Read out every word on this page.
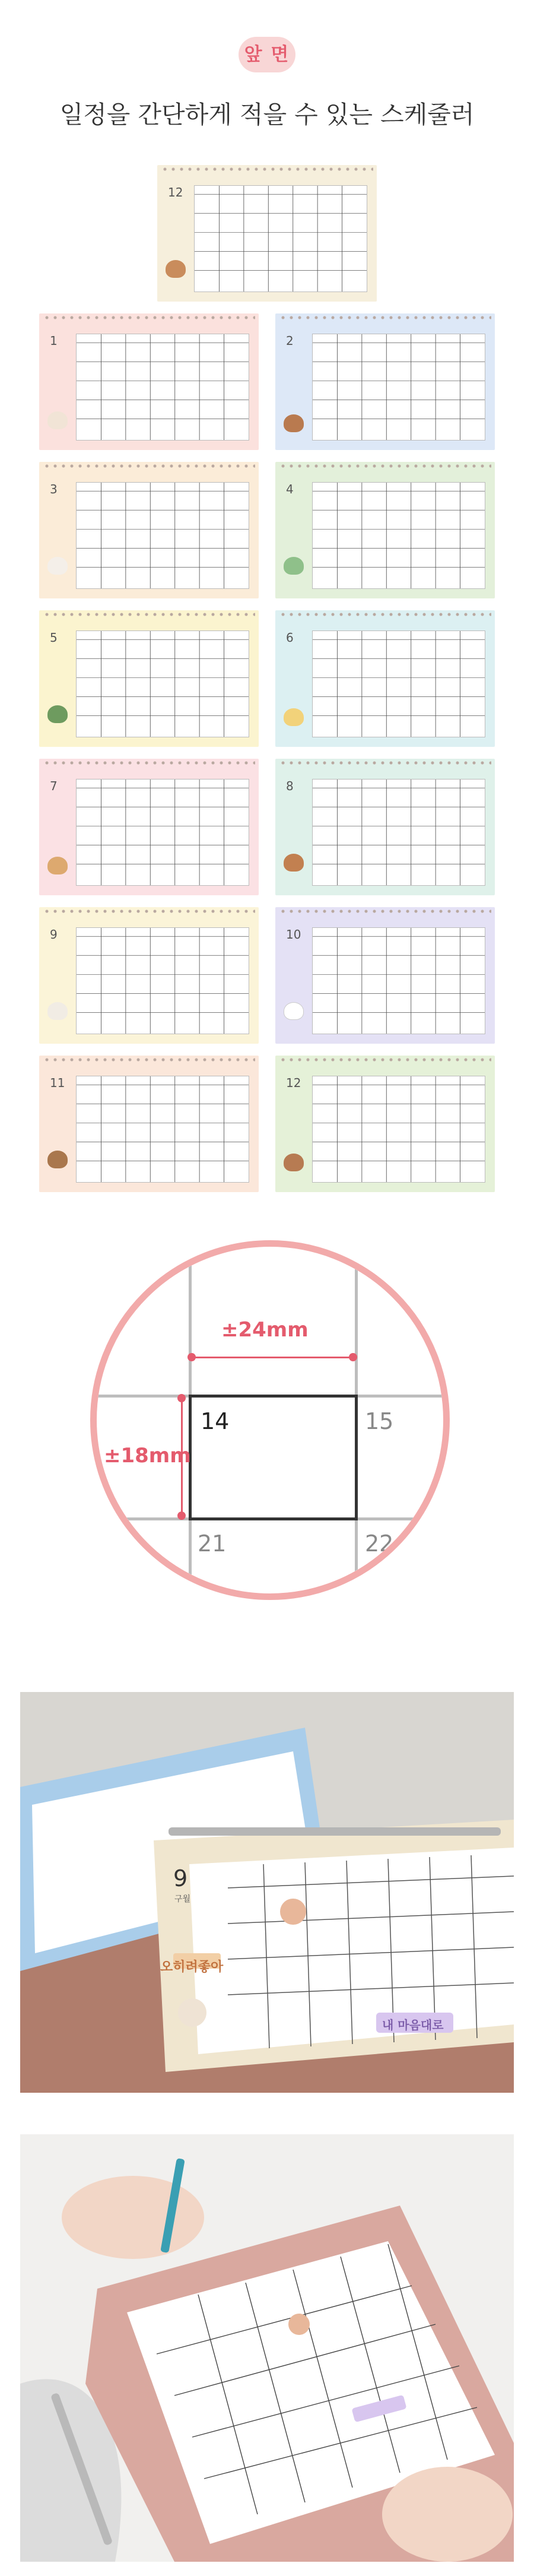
앞 면
일정을 간단하게 적을 수 있는 스케줄러
12
1	2
3	4
5	6
7	8
9	10
11	12
14	15
21	22
±24mm
±18mm
9
구월
오히려좋아
내 마음대로
